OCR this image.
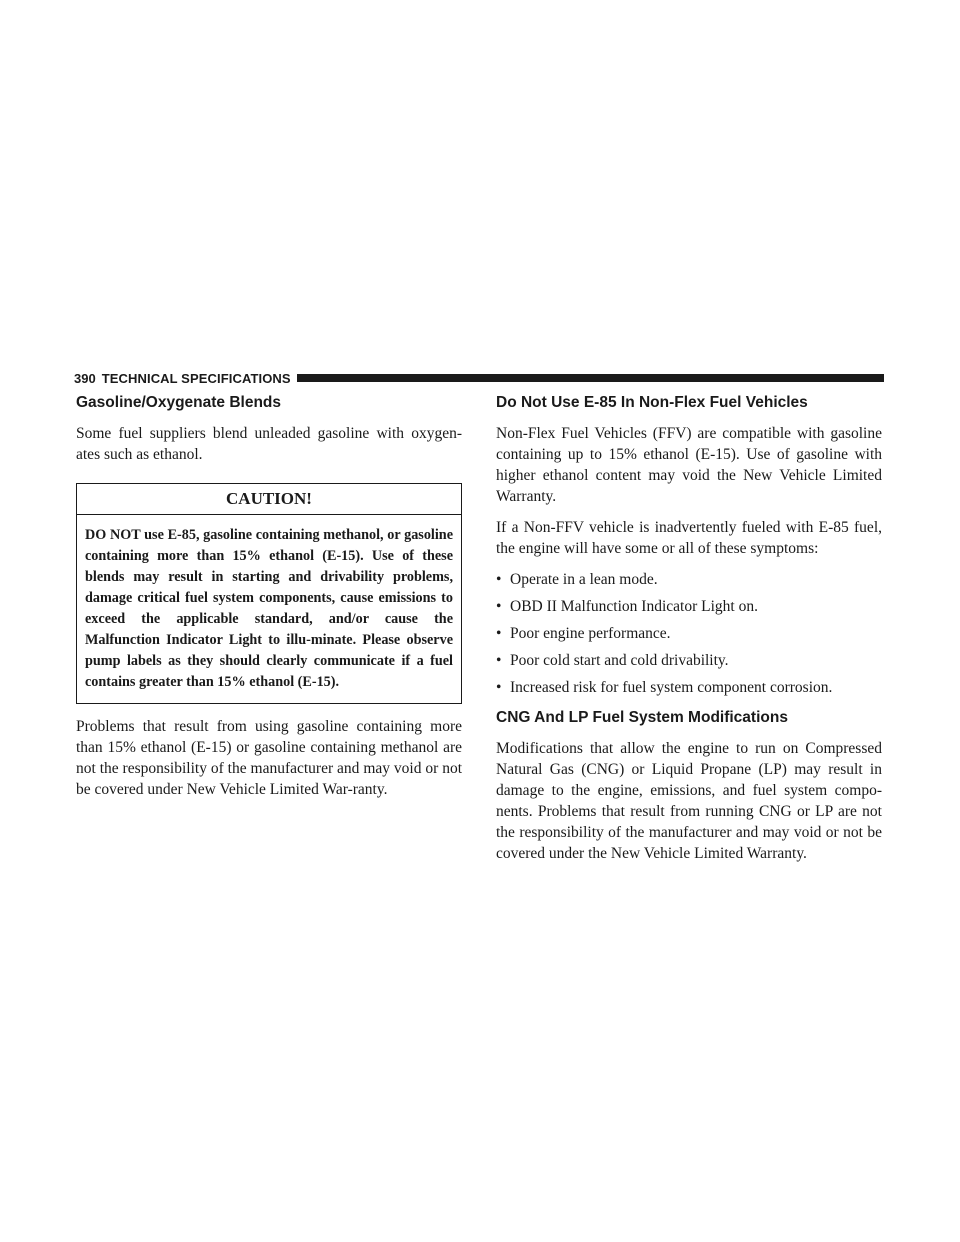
390 TECHNICAL SPECIFICATIONS
Gasoline/Oxygenate Blends

Some fuel suppliers blend unleaded gasoline with oxygen-ates such as ethanol.

CAUTION!
DO NOT use E-85, gasoline containing methanol, or gasoline containing more than 15% ethanol (E-15). Use of these blends may result in starting and drivability problems, damage critical fuel system components, cause emissions to exceed the applicable standard, and/or cause the Malfunction Indicator Light to illu-minate. Please observe pump labels as they should clearly communicate if a fuel contains greater than 15% ethanol (E-15).

Problems that result from using gasoline containing more than 15% ethanol (E-15) or gasoline containing methanol are not the responsibility of the manufacturer and may void or not be covered under New Vehicle Limited War-ranty.

Do Not Use E-85 In Non-Flex Fuel Vehicles

Non-Flex Fuel Vehicles (FFV) are compatible with gasoline containing up to 15% ethanol (E-15). Use of gasoline with higher ethanol content may void the New Vehicle Limited Warranty.

If a Non-FFV vehicle is inadvertently fueled with E-85 fuel, the engine will have some or all of these symptoms:

• Operate in a lean mode.
• OBD II Malfunction Indicator Light on.
• Poor engine performance.
• Poor cold start and cold drivability.
• Increased risk for fuel system component corrosion.
CNG And LP Fuel System Modifications

Modifications that allow the engine to run on Compressed Natural Gas (CNG) or Liquid Propane (LP) may result in damage to the engine, emissions, and fuel system compo-nents. Problems that result from running CNG or LP are not the responsibility of the manufacturer and may void or not be covered under the New Vehicle Limited Warranty.
